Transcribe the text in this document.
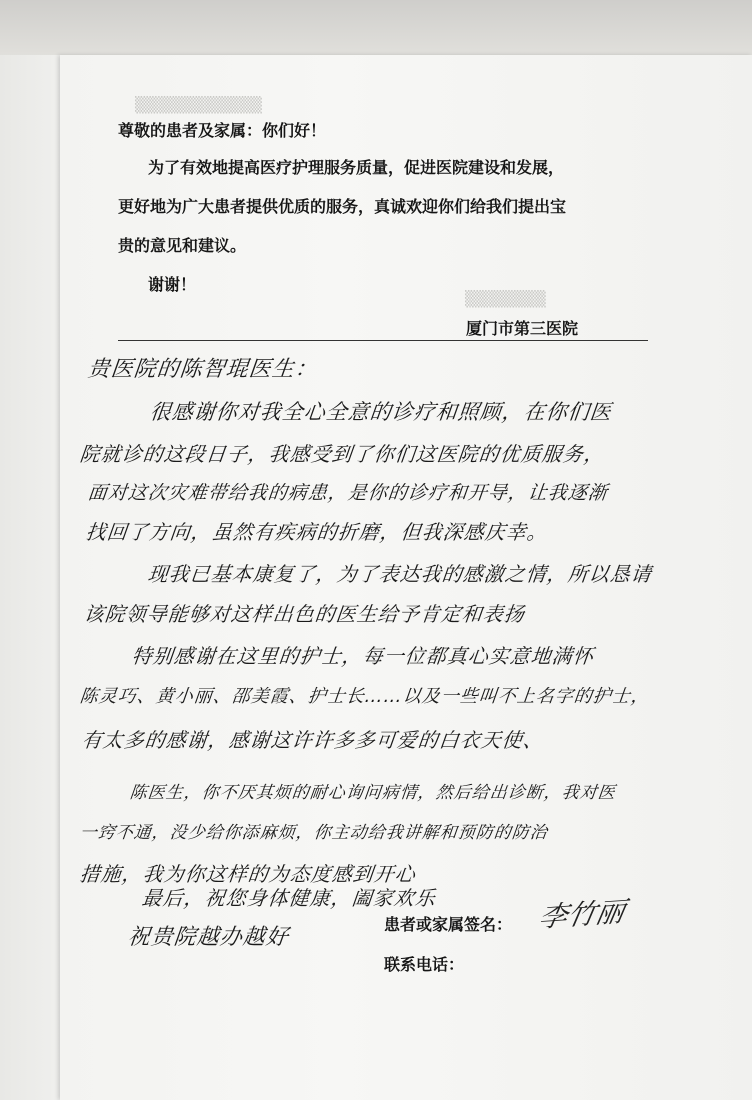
▒▒▒▒▒▒▒▒▒▒▒
▒▒▒▒▒▒▒
尊敬的患者及家属：你们好！
为了有效地提高医疗护理服务质量，促进医院建设和发展，
更好地为广大患者提供优质的服务，真诚欢迎你们给我们提出宝
贵的意见和建议。
谢谢！
厦门市第三医院
贵医院的陈智琨医生：
很感谢你对我全心全意的诊疗和照顾，在你们医
院就诊的这段日子，我感受到了你们这医院的优质服务，
面对这次灾难带给我的病患，是你的诊疗和开导，让我逐渐
找回了方向，虽然有疾病的折磨，但我深感庆幸。
现我已基本康复了，为了表达我的感激之情，所以恳请
该院领导能够对这样出色的医生给予肯定和表扬
特别感谢在这里的护士，每一位都真心实意地满怀
陈灵巧、黄小丽、邵美霞、护士长……以及一些叫不上名字的护士，
有太多的感谢，感谢这许许多多可爱的白衣天使、
陈医生，你不厌其烦的耐心询问病情，然后给出诊断，我对医
一窍不通，没少给你添麻烦，你主动给我讲解和预防的防治
措施，我为你这样的为态度感到开心
最后，祝您身体健康，阖家欢乐
祝贵院越办越好
患者或家属签名： 李竹丽
联系电话：
